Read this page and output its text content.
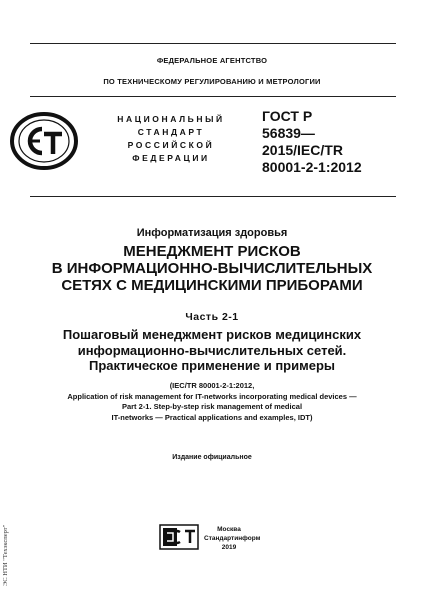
ФЕДЕРАЛЬНОЕ АГЕНТСТВО
ПО ТЕХНИЧЕСКОМУ РЕГУЛИРОВАНИЮ И МЕТРОЛОГИИ
НАЦИОНАЛЬНЫЙ
СТАНДАРТ
РОССИЙСКОЙ
ФЕДЕРАЦИИ
ГОСТ Р
56839—
2015/IEC/TR
80001-2-1:2012
Информатизация здоровья
МЕНЕДЖМЕНТ РИСКОВ
В ИНФОРМАЦИОННО-ВЫЧИСЛИТЕЛЬНЫХ
СЕТЯХ С МЕДИЦИНСКИМИ ПРИБОРАМИ
Часть 2-1
Пошаговый менеджмент рисков медицинских
информационно-вычислительных сетей.
Практическое применение и примеры
(IEC/TR 80001-2-1:2012,
Application of risk management for IT-networks incorporating medical devices —
Part 2-1. Step-by-step risk management of medical
IT-networks — Practical applications and examples, IDT)
Издание официальное
Москва
Стандартинформ
2019
ЭС НТИ "Техэксперт"
